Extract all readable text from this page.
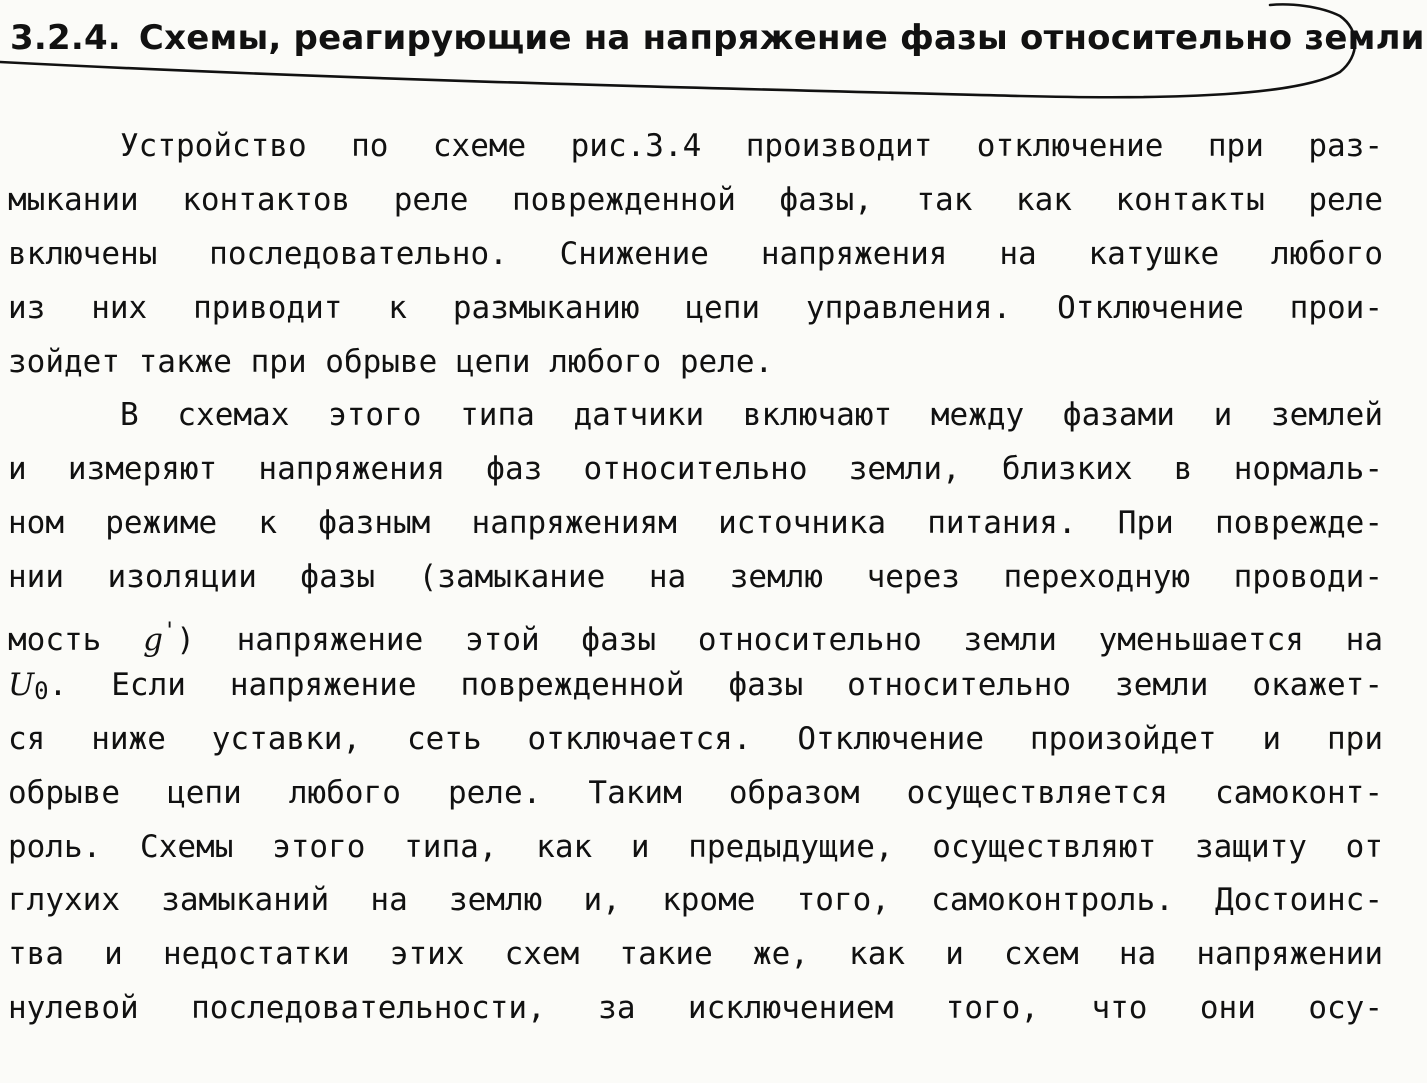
3.2.4. Схемы, реагирующие на напряжение фазы относительно земли
Устройство по схеме рис.3.4 производит отключение при раз-
мыкании контактов реле поврежденной фазы, так как контакты реле
включены последовательно. Снижение напряжения на катушке любого
из них приводит к размыканию цепи управления. Отключение прои-
зойдет также при обрыве цепи любого реле.
В схемах этого типа датчики включают между фазами и землей
и измеряют напряжения фаз относительно земли, близких в нормаль-
ном режиме к фазным напряжениям источника питания. При поврежде-
нии изоляции фазы (замыкание на землю через переходную проводи-
мость g') напряжение этой фазы относительно земли уменьшается на
U0. Если напряжение поврежденной фазы относительно земли окажет-
ся ниже уставки, сеть отключается. Отключение произойдет и при
обрыве цепи любого реле. Таким образом осуществляется самоконт-
роль. Схемы этого типа, как и предыдущие, осуществляют защиту от
глухих замыканий на землю и, кроме того, самоконтроль. Достоинс-
тва и недостатки этих схем такие же, как и схем на напряжении
нулевой последовательности, за исключением того, что они осу-
